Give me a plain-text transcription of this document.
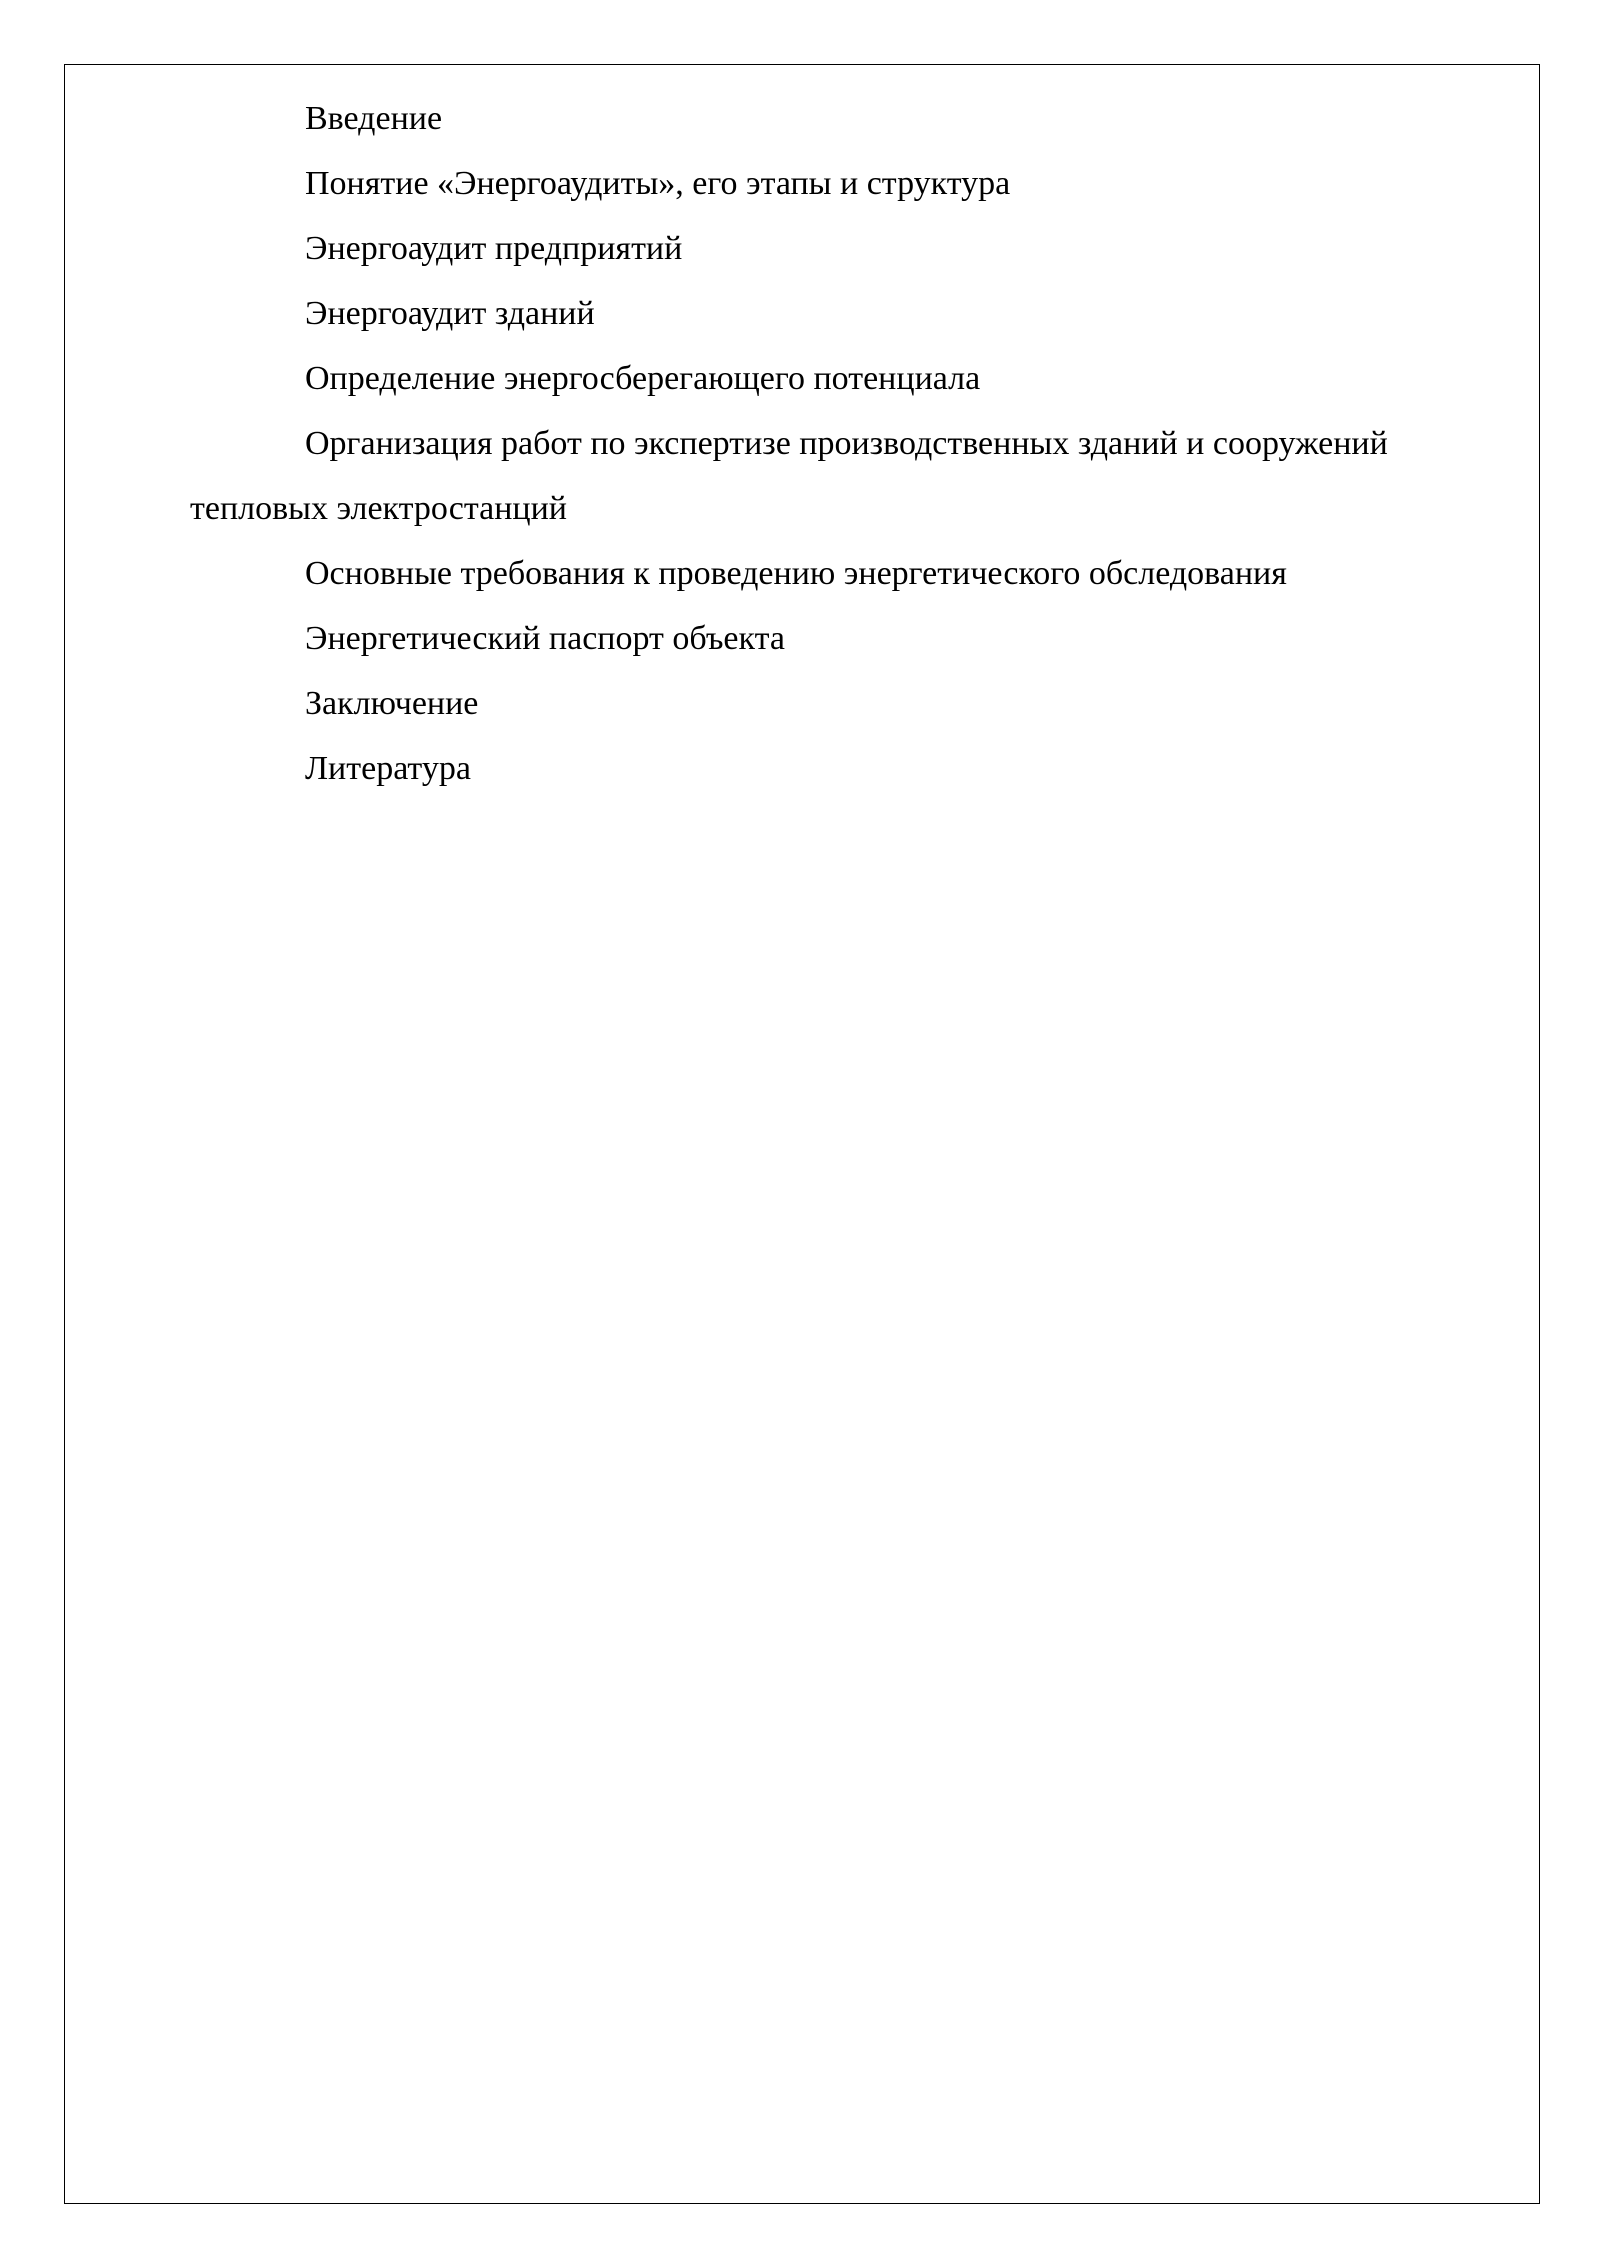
Введение
Понятие «Энергоаудиты», его этапы и структура
Энергоаудит предприятий
Энергоаудит зданий
Определение энергосберегающего потенциала
Организация работ по экспертизе производственных зданий и сооружений тепловых электростанций
Основные требования к проведению энергетического обследования
Энергетический паспорт объекта
Заключение
Литература
